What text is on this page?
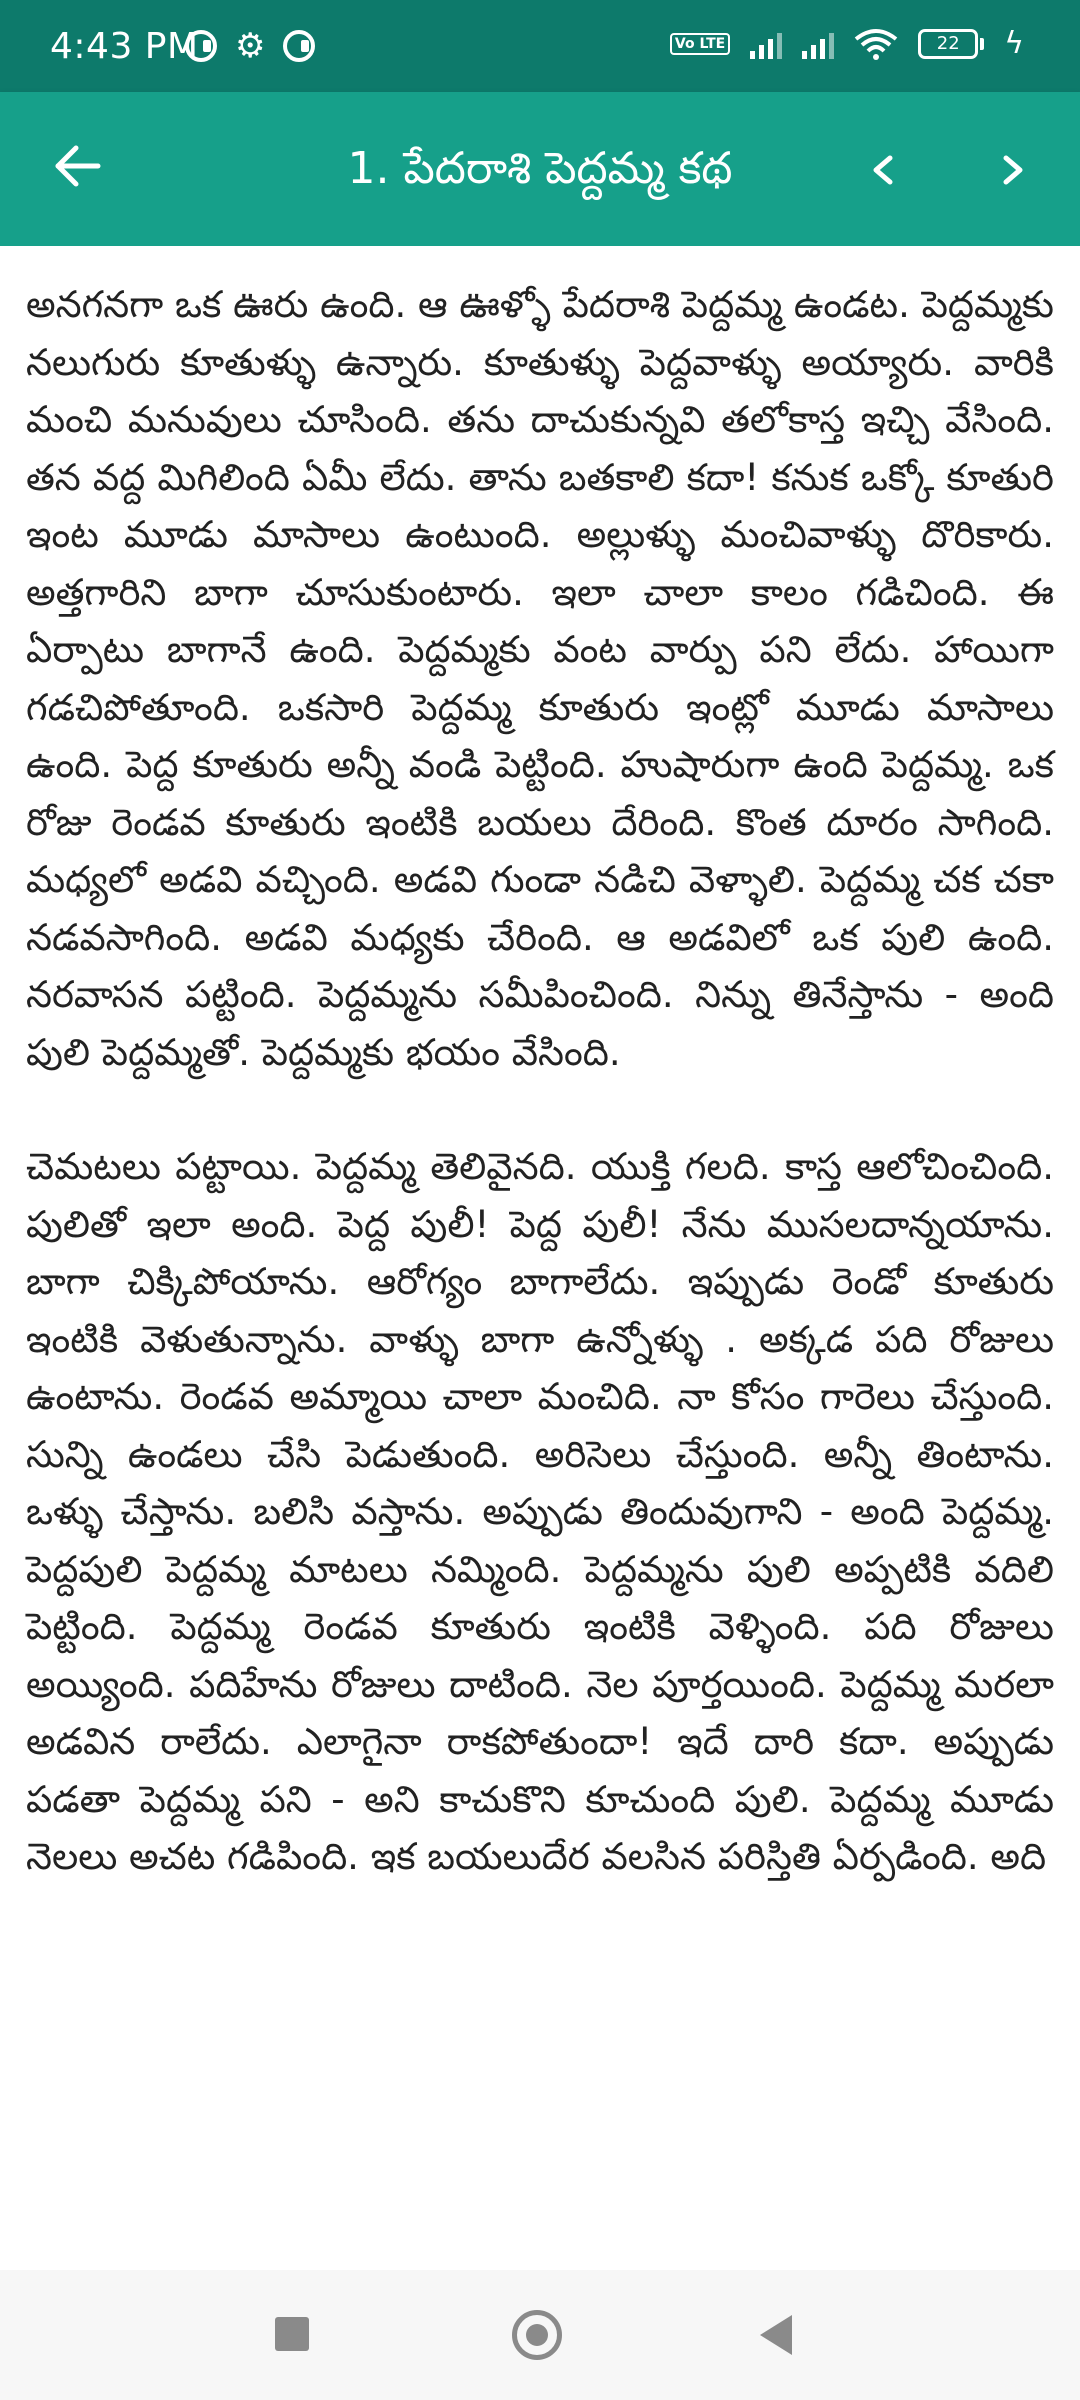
4:43 PM ⚙	Vo LTE	22	ϟ
1. పేదరాశి పెద్దమ్మ కథ

అనగనగా ఒక ఊరు ఉంది. ఆ ఊళ్ళో పేదరాశి పెద్దమ్మ ఉండట. పెద్దమ్మకు నలుగురు కూతుళ్ళు ఉన్నారు. కూతుళ్ళు పెద్దవాళ్ళు అయ్యారు. వారికి మంచి మనువులు చూసింది. తను దాచుకున్నవి తలోకాస్త ఇచ్చి వేసింది. తన వద్ద మిగిలింది ఏమీ లేదు. తాను బతకాలి కదా! కనుక ఒక్కో కూతురి ఇంట మూడు మాసాలు ఉంటుంది. అల్లుళ్ళు మంచివాళ్ళు దొరికారు. అత్తగారిని బాగా చూసుకుంటారు. ఇలా చాలా కాలం గడిచింది. ఈ ఏర్పాటు బాగానే ఉంది. పెద్దమ్మకు వంట వార్పు పని లేదు. హాయిగా గడచిపోతూంది. ఒకసారి పెద్దమ్మ కూతురు ఇంట్లో మూడు మాసాలు ఉంది. పెద్ద కూతురు అన్నీ వండి పెట్టింది. హుషారుగా ఉంది పెద్దమ్మ. ఒక రోజు రెండవ కూతురు ఇంటికి బయలు దేరింది. కొంత దూరం సాగింది. మధ్యలో అడవి వచ్చింది. అడవి గుండా నడిచి వెళ్ళాలి. పెద్దమ్మ చక చకా నడవసాగింది. అడవి మధ్యకు చేరింది. ఆ అడవిలో ఒక పులి ఉంది. నరవాసన పట్టింది. పెద్దమ్మను సమీపించింది. నిన్ను తినేస్తాను - అంది పులి పెద్దమ్మతో. పెద్దమ్మకు భయం వేసింది.

చెమటలు పట్టాయి. పెద్దమ్మ తెలివైనది. యుక్తి గలది. కాస్త ఆలోచించింది. పులితో ఇలా అంది. పెద్ద పులీ! పెద్ద పులీ! నేను ముసలదాన్నయాను. బాగా చిక్కిపోయాను. ఆరోగ్యం బాగాలేదు. ఇప్పుడు రెండో కూతురు ఇంటికి వెళుతున్నాను. వాళ్ళు బాగా ఉన్నోళ్ళు . అక్కడ పది రోజులు ఉంటాను. రెండవ అమ్మాయి చాలా మంచిది. నా కోసం గారెలు చేస్తుంది. సున్ని ఉండలు చేసి పెడుతుంది. అరిసెలు చేస్తుంది. అన్నీ తింటాను. ఒళ్ళు చేస్తాను. బలిసి వస్తాను. అప్పుడు తిందువుగాని - అంది పెద్దమ్మ. పెద్దపులి పెద్దమ్మ మాటలు నమ్మింది. పెద్దమ్మను పులి అప్పటికి వదిలి పెట్టింది. పెద్దమ్మ రెండవ కూతురు ఇంటికి వెళ్ళింది. పది రోజులు అయ్యింది. పదిహేను రోజులు దాటింది. నెల పూర్తయింది. పెద్దమ్మ మరలా అడవిన రాలేదు. ఎలాగైనా రాకపోతుందా! ఇదే దారి కదా. అప్పుడు పడతా పెద్దమ్మ పని - అని కాచుకొని కూచుంది పులి. పెద్దమ్మ మూడు నెలలు అచట గడిపింది. ఇక బయలుదేర వలసిన పరిస్తితి ఏర్పడింది. అది
